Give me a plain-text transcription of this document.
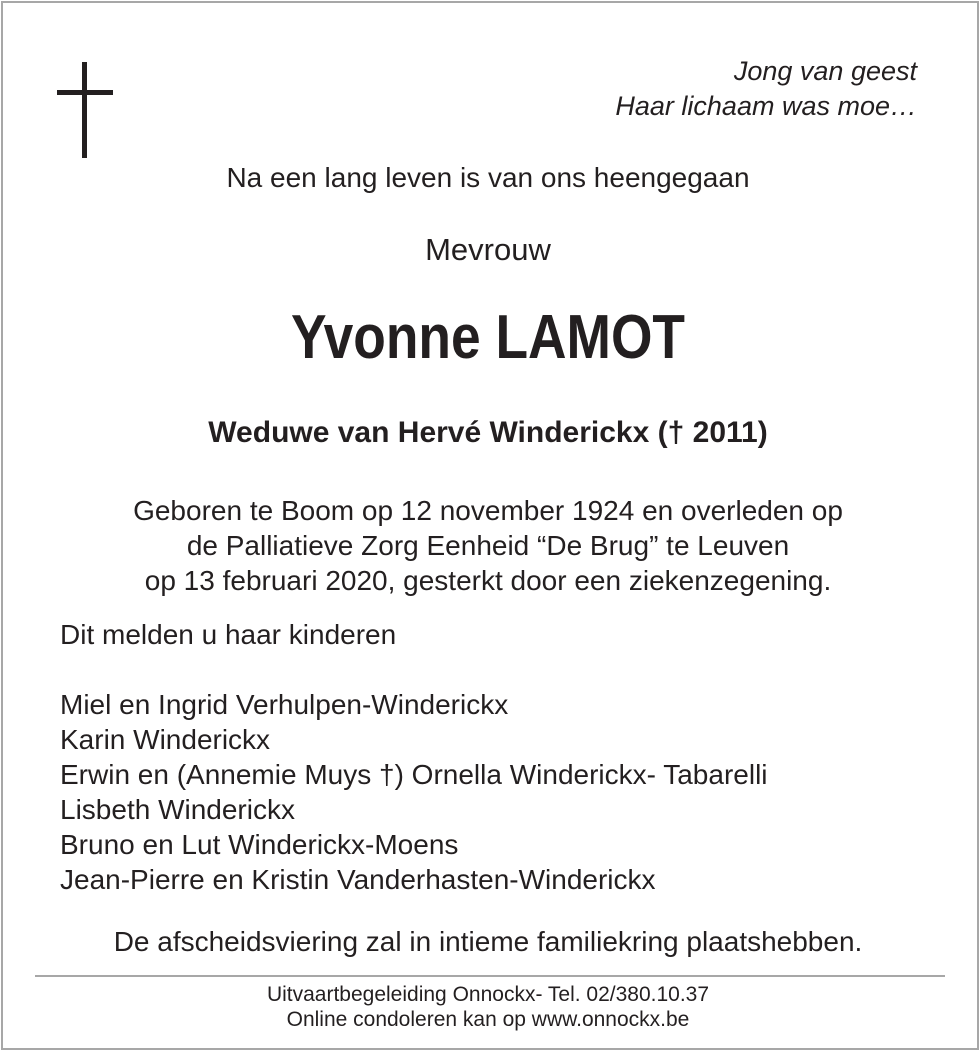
Jong van geest
Haar lichaam was moe…
Na een lang leven is van ons heengegaan
Mevrouw
Yvonne LAMOT
Weduwe van Hervé Winderickx († 2011)
Geboren te Boom op 12 november 1924 en overleden op
de Palliatieve Zorg Eenheid “De Brug” te Leuven
op 13 februari 2020, gesterkt door een ziekenzegening.
Dit melden u haar kinderen
Miel en Ingrid Verhulpen-Winderickx
Karin Winderickx
Erwin en (Annemie Muys †) Ornella Winderickx- Tabarelli
Lisbeth Winderickx
Bruno en Lut Winderickx-Moens
Jean-Pierre en Kristin Vanderhasten-Winderickx
De afscheidsviering zal in intieme familiekring plaatshebben.
Uitvaartbegeleiding Onnockx- Tel. 02/380.10.37
Online condoleren kan op www.onnockx.be
